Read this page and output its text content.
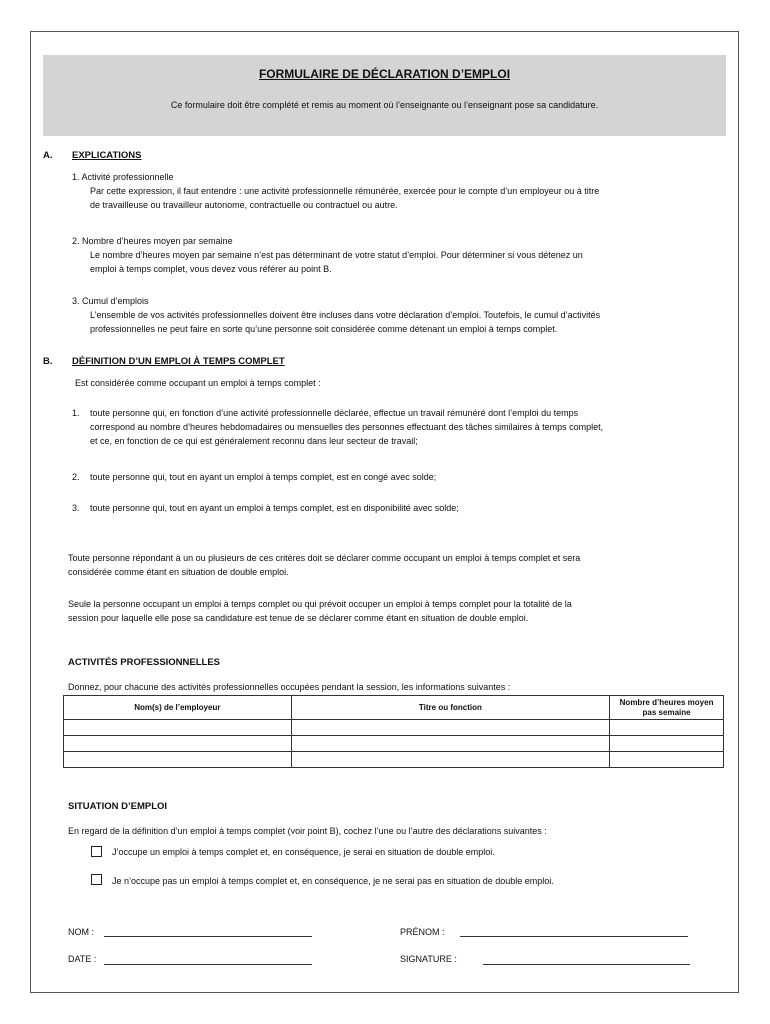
FORMULAIRE DE DÉCLARATION D’EMPLOI
Ce formulaire doit être complété et remis au moment où l’enseignante ou l’enseignant pose sa candidature.
A. EXPLICATIONS
1. Activité professionnelle
Par cette expression, il faut entendre : une activité professionnelle rémunérée, exercée pour le compte d’un employeur ou à titre
de travailleuse ou travailleur autonome, contractuelle ou contractuel ou autre.
2. Nombre d’heures moyen par semaine
Le nombre d’heures moyen par semaine n’est pas déterminant de votre statut d’emploi. Pour déterminer si vous détenez un
emploi à temps complet, vous devez vous référer au point B.
3. Cumul d’emplois
L’ensemble de vos activités professionnelles doivent être incluses dans votre déclaration d’emploi. Toutefois, le cumul d’activités
professionnelles ne peut faire en sorte qu’une personne soit considérée comme détenant un emploi à temps complet.
B. DÉFINITION D’UN EMPLOI À TEMPS COMPLET
Est considérée comme occupant un emploi à temps complet :
1. toute personne qui, en fonction d’une activité professionnelle déclarée, effectue un travail rémunéré dont l’emploi du temps
correspond au nombre d’heures hebdomadaires ou mensuelles des personnes effectuant des tâches similaires à temps complet,
et ce, en fonction de ce qui est généralement reconnu dans leur secteur de travail;
2. toute personne qui, tout en ayant un emploi à temps complet, est en congé avec solde;
3. toute personne qui, tout en ayant un emploi à temps complet, est en disponibilité avec solde;
Toute personne répondant à un ou plusieurs de ces critères doit se déclarer comme occupant un emploi à temps complet et sera
considérée comme étant en situation de double emploi.
Seule la personne occupant un emploi à temps complet ou qui prévoit occuper un emploi à temps complet pour la totalité de la
session pour laquelle elle pose sa candidature est tenue de se déclarer comme étant en situation de double emploi.
ACTIVITÉS PROFESSIONNELLES
Donnez, pour chacune des activités professionnelles occupées pendant la session, les informations suivantes :
Nom(s) de l’employeur	Titre ou fonction	Nombre d’heures moyen pas semaine

SITUATION D’EMPLOI
En regard de la définition d’un emploi à temps complet (voir point B), cochez l’une ou l’autre des déclarations suivantes :
J’occupe un emploi à temps complet et, en conséquence, je serai en situation de double emploi.
Je n’occupe pas un emploi à temps complet et, en conséquence, je ne serai pas en situation de double emploi.
NOM :	PRÉNOM :
DATE :	SIGNATURE :
